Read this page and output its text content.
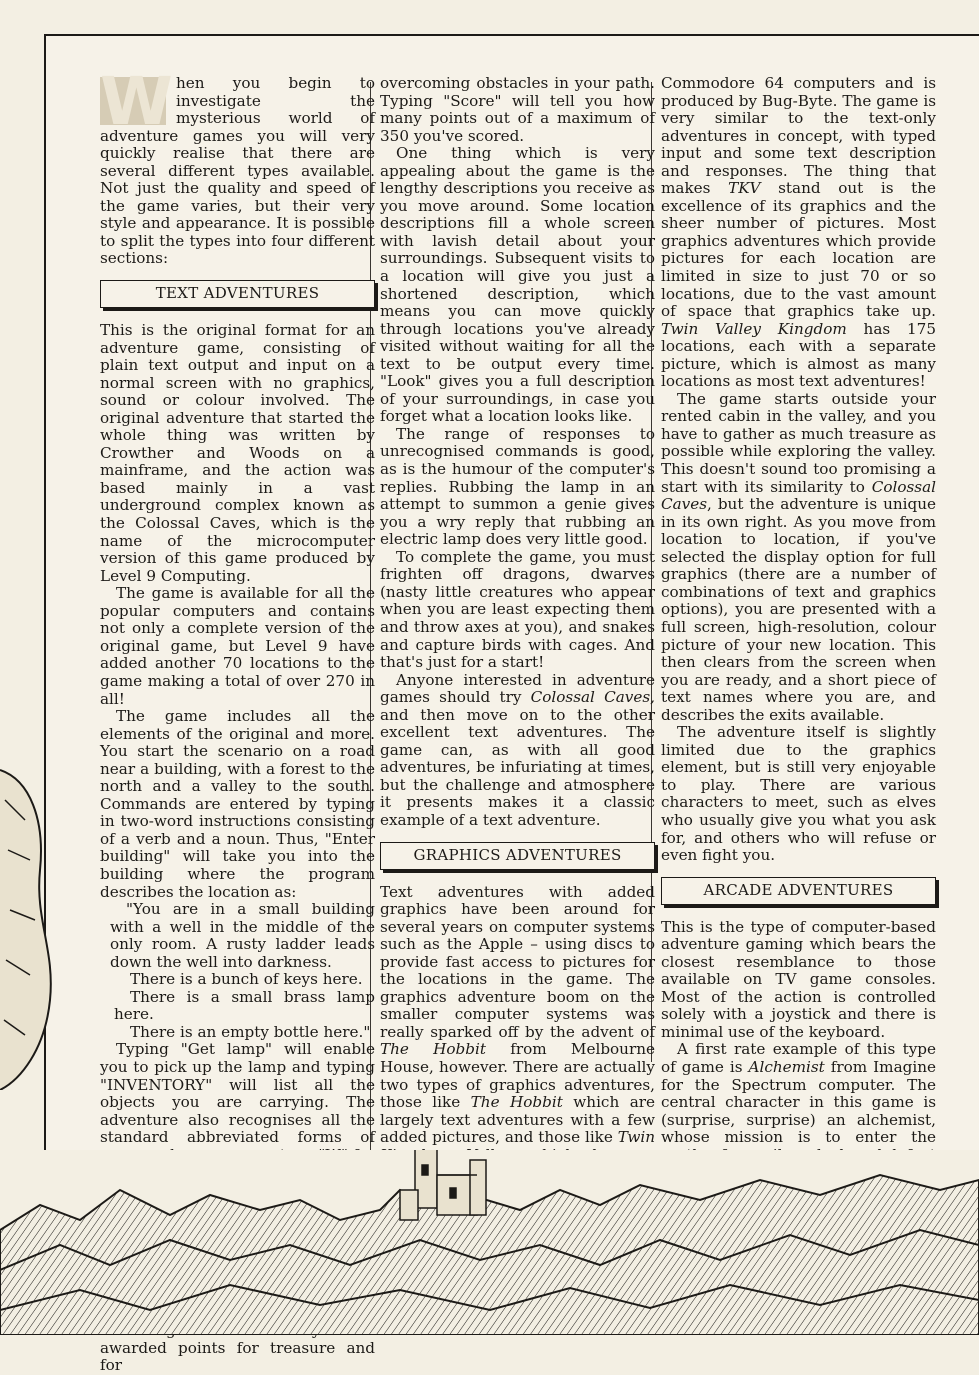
W hen you begin to investigate the mysterious world of adventure games you will very quickly realise that there are several different types available. Not just the quality and speed of the game varies, but their very style and appearance. It is possible to split the types into four different sections:

TEXT ADVENTURES

This is the original format for an adventure game, consisting of plain text output and input on a normal screen with no graphics, sound or colour involved. The original adventure that started the whole thing was written by Crowther and Woods on a mainframe, and the action was based mainly in a vast underground complex known as the Colossal Caves, which is the name of the microcomputer version of this game produced by Level 9 Computing.

The game is available for all the popular computers and contains not only a complete version of the original game, but Level 9 have added another 70 locations to the game making a total of over 270 in all!

The game includes all the elements of the original and more. You start the scenario on a road near a building, with a forest to the north and a valley to the south. Commands are entered by typing in two-word instructions consisting of a verb and a noun. Thus, "Enter building" will take you into the building where the program describes the location as:

"You are in a small building with a well in the middle of the only room. A rusty ladder leads down the well into darkness.
There is a bunch of keys here.
There is a small brass lamp here.
There is an empty bottle here."

Typing "Get lamp" will enable you to pick up the lamp and typing "INVENTORY" will list all the objects you are carrying. The adventure also recognises all the standard abbreviated forms of

awarded points for treasure and for

overcoming obstacles in your path. Typing "Score" will tell you how many points out of a maximum of 350 you've scored.

One thing which is very appealing about the game is the lengthy descriptions you receive as you move around. Some location descriptions fill a whole screen with lavish detail about your surroundings. Subsequent visits to a location will give you just a shortened description, which means you can move quickly through locations you've already visited without waiting for all the text to be output every time. "Look" gives you a full description of your surroundings, in case you forget what a location looks like.

The range of responses to unrecognised commands is good, as is the humour of the computer's replies. Rubbing the lamp in an attempt to summon a genie gives you a wry reply that rubbing an electric lamp does very little good.

To complete the game, you must frighten off dragons, dwarves (nasty little creatures who appear when you are least expecting them and throw axes at you), and snakes and capture birds with cages. And that's just for a start!

Anyone interested in adventure games should try Colossal Caves, and then move on to the other excellent text adventures. The game can, as with all good adventures, be infuriating at times, but the challenge and atmosphere it presents makes it a classic example of a text adventure.

GRAPHICS ADVENTURES

Text adventures with added graphics have been around for several years on computer systems such as the Apple – using discs to provide fast access to pictures for the locations in the game. The graphics adventure boom on the smaller computer systems was really sparked off by the advent of The Hobbit from Melbourne House, however. There are actually two types of graphics adventures, those like The Hobbit which are largely text adventures with a few added pictures, and those like Twin

Commodore 64 computers and is produced by Bug-Byte. The game is very similar to the text-only adventures in concept, with typed input and some text description and responses. The thing that makes TKV stand out is the excellence of its graphics and the sheer number of pictures. Most graphics adventures which provide pictures for each location are limited in size to just 70 or so locations, due to the vast amount of space that graphics take up. Twin Valley Kingdom has 175 locations, each with a separate picture, which is almost as many locations as most text adventures!

The game starts outside your rented cabin in the valley, and you have to gather as much treasure as possible while exploring the valley. This doesn't sound too promising a start with its similarity to Colossal Caves, but the adventure is unique in its own right. As you move from location to location, if you've selected the display option for full graphics (there are a number of combinations of text and graphics options), you are presented with a full screen, high-resolution, colour picture of your new location. This then clears from the screen when you are ready, and a short piece of text names where you are, and describes the exits available.

The adventure itself is slightly limited due to the graphics element, but is still very enjoyable to play. There are various characters to meet, such as elves who usually give you what you ask for, and others who will refuse or even fight you.

ARCADE ADVENTURES

This is the type of computer-based adventure gaming which bears the closest resemblance to those available on TV game consoles. Most of the action is controlled solely with a joystick and there is minimal use of the keyboard.

A first rate example of this type of game is Alchemist from Imagine for the Spectrum computer. The central character in this game is (surprise, surprise) an alchemist, whose mission is to enter the
